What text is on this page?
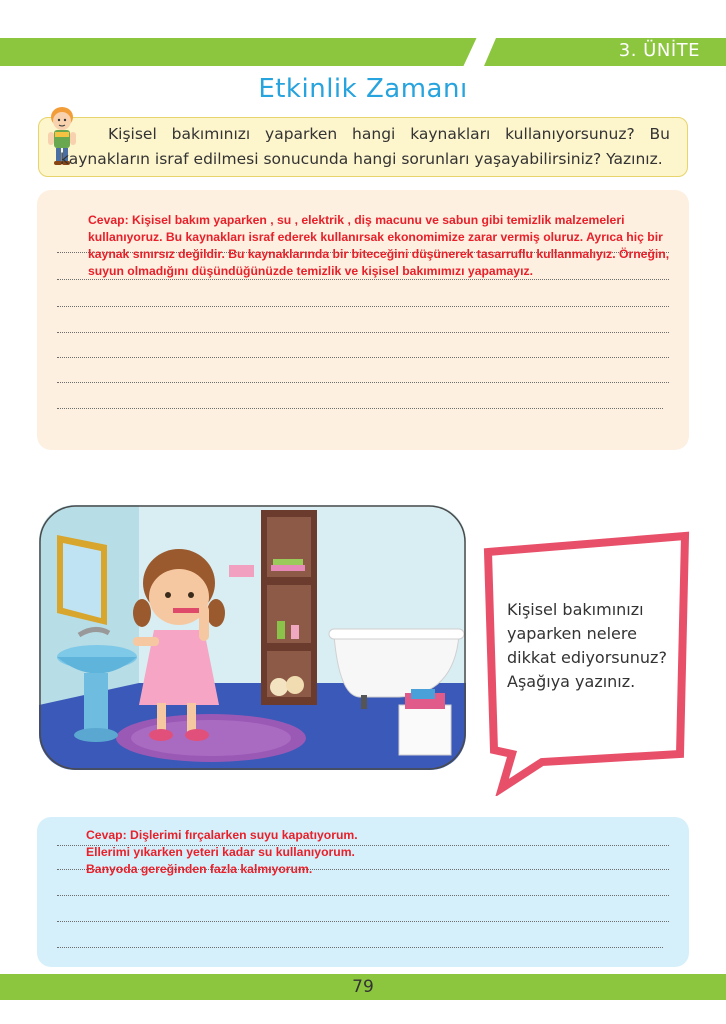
3. ÜNİTE
Etkinlik Zamanı
Kişisel bakımınızı yaparken hangi kaynakları kullanıyorsunuz? Bu kaynakların israf edilmesi sonucunda hangi sorunları yaşayabilirsiniz? Yazınız.
Cevap: Kişisel bakım yaparken , su , elektrik , diş macunu ve sabun gibi temizlik malzemeleri kullanıyoruz. Bu kaynakları israf ederek kullanırsak ekonomimize zarar vermiş oluruz. Ayrıca hiç bir kaynak sınırsız değildir. Bu kaynaklarında bir biteceğini düşünerek tasarruflu kullanmalıyız. Örneğin, suyun olmadığını düşündüğünüzde temizlik ve kişisel bakımımızı yapamayız.
Kişisel bakımınızı
yaparken nelere
dikkat ediyorsunuz?
Aşağıya yazınız.
Cevap: Dişlerimi fırçalarken suyu kapatıyorum.
Ellerimi yıkarken yeteri kadar su kullanıyorum.
Banyoda gereğinden fazla kalmıyorum.
79
